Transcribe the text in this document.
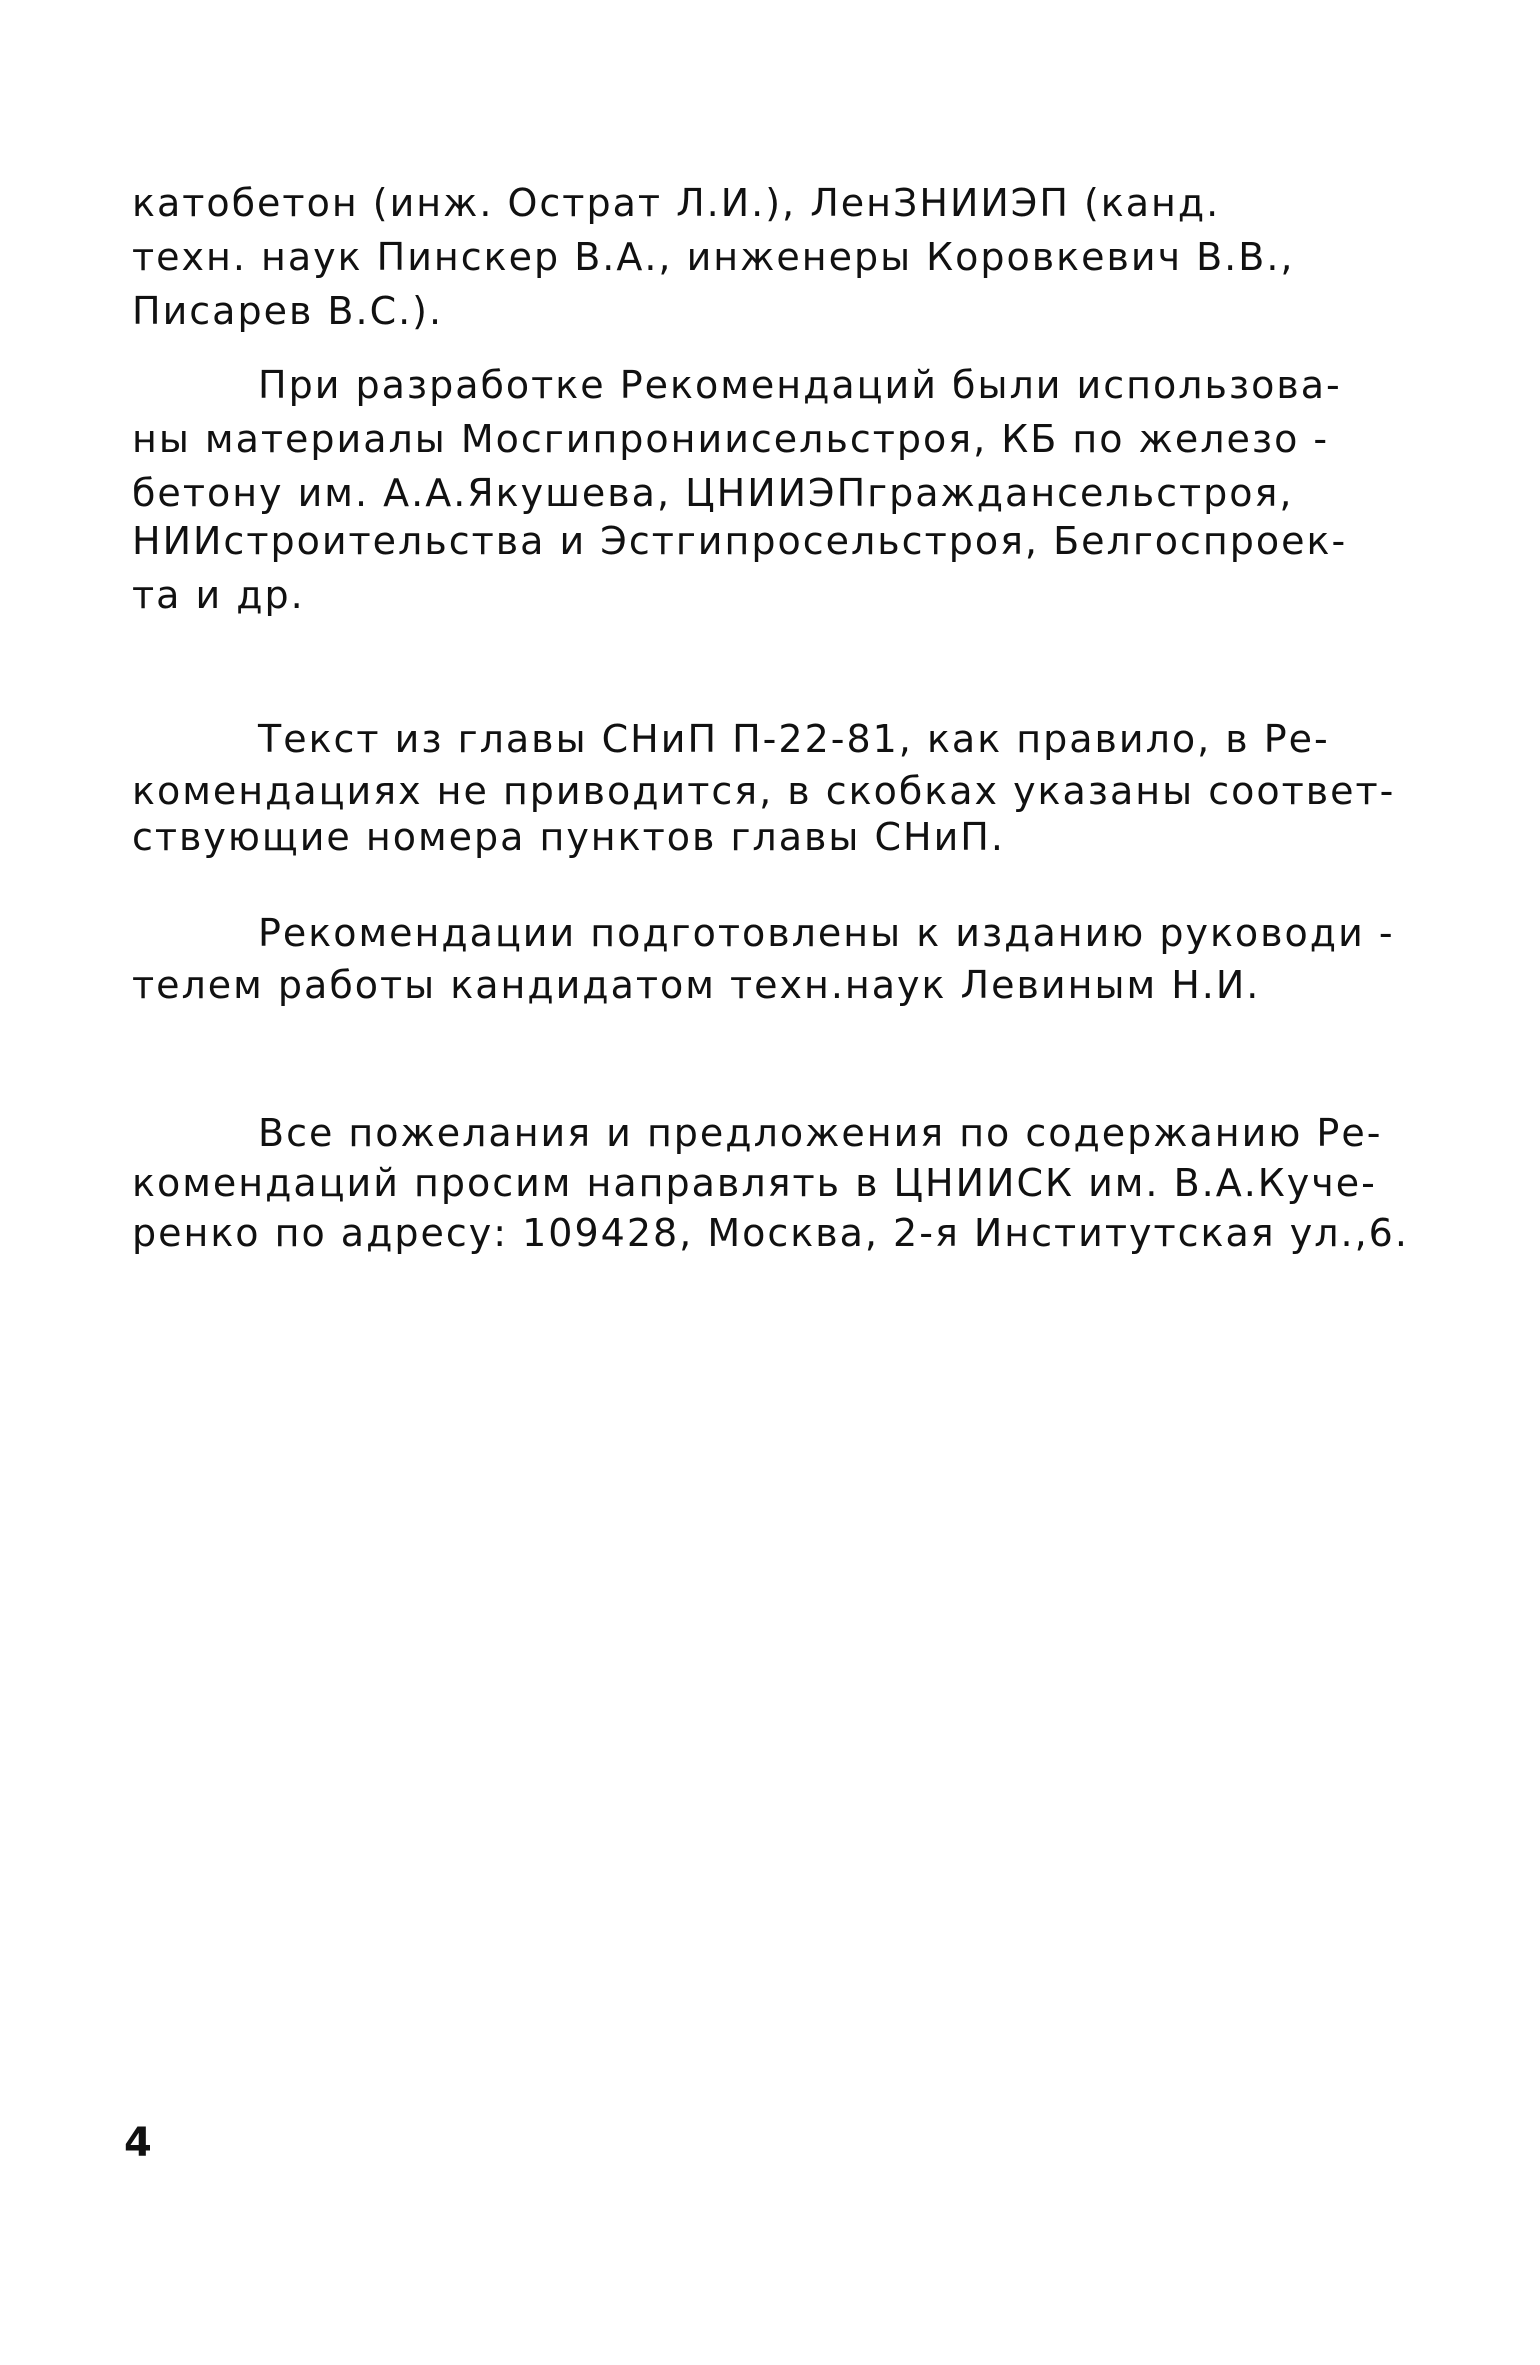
катобетон (инж. Острат Л.И.), ЛенЗНИИЭП (канд.
техн. наук Пинскер В.А., инженеры Коровкевич В.В.,
Писарев В.С.).
При разработке Рекомендаций были использова-
ны материалы Мосгипрониисельстроя, КБ по железо -
бетону им. А.А.Якушева, ЦНИИЭПграждансельстроя,
НИИстроительства и Эстгипросельстроя, Белгоспроек-
та и др.
Текст из главы СНиП П-22-81, как правило, в Ре-
комендациях не приводится, в скобках указаны соответ-
ствующие номера пунктов главы СНиП.
Рекомендации подготовлены к изданию руководи -
телем работы кандидатом техн.наук Левиным Н.И.
Все пожелания и предложения по содержанию Ре-
комендаций просим направлять в ЦНИИСК им. В.А.Куче-
ренко по адресу: 109428, Москва, 2-я Институтская ул.,6.
4
